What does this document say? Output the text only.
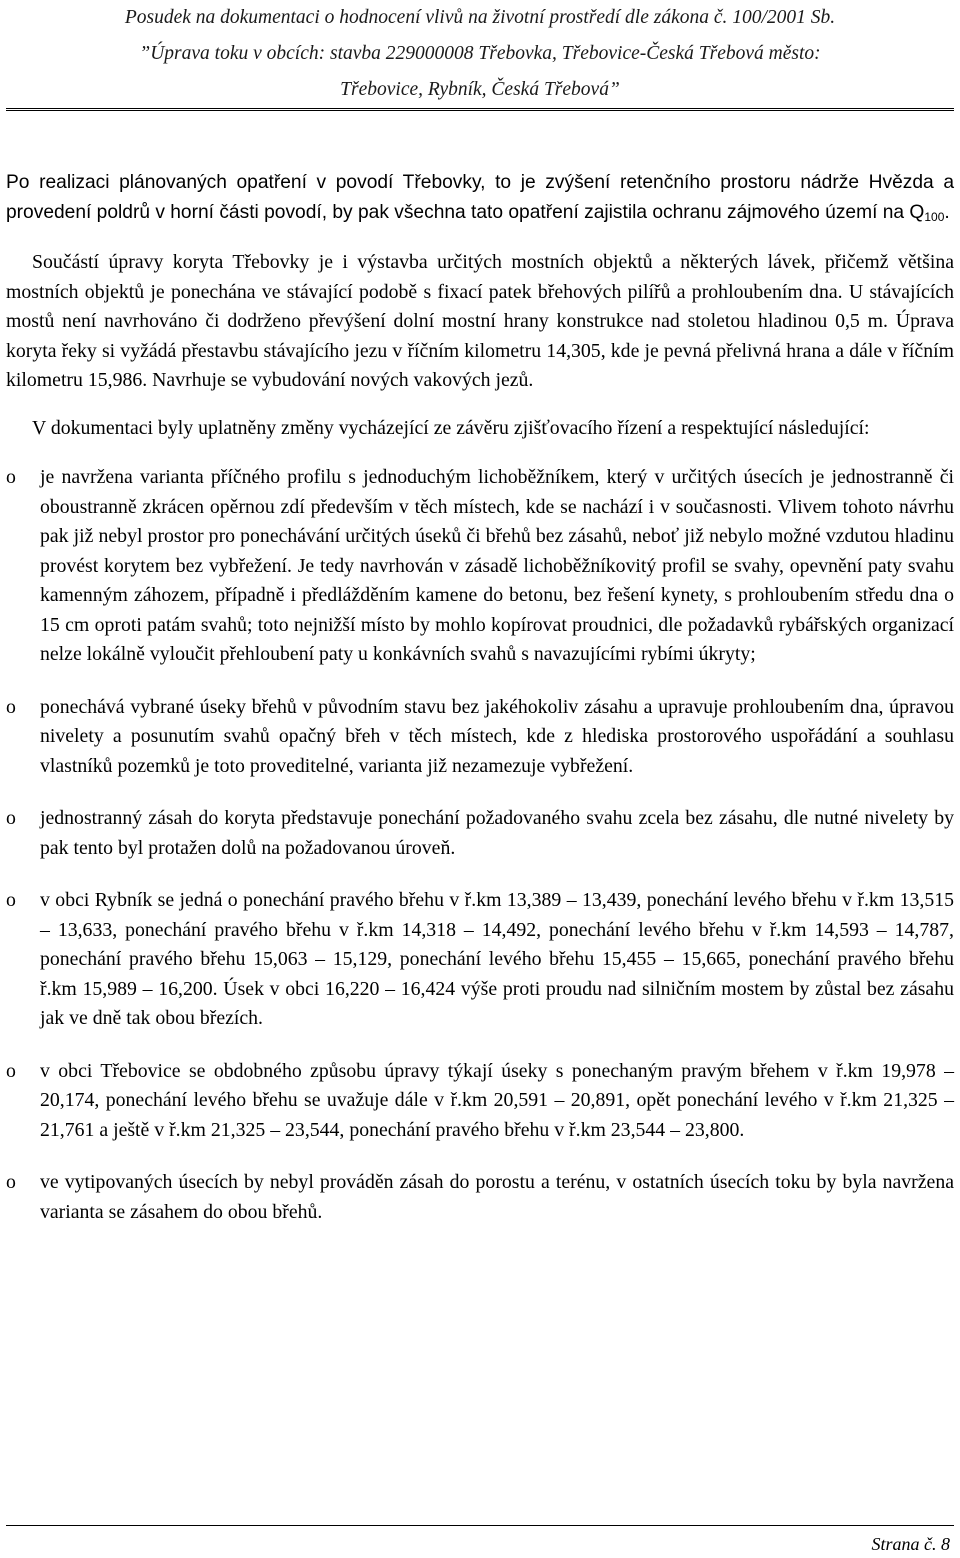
Posudek na dokumentaci o hodnocení vlivů na životní prostředí dle zákona č. 100/2001 Sb.
”Úprava toku v obcích: stavba 229000008 Třebovka, Třebovice-Česká Třebová město:
Třebovice, Rybník, Česká Třebová”

Po realizaci plánovaných opatření v povodí Třebovky, to je zvýšení retenčního prostoru nádrže Hvězda a provedení poldrů v horní části povodí, by pak všechna tato opatření zajistila ochranu zájmového území na $Q_{100}$.

Součástí úpravy koryta Třebovky je i výstavba určitých mostních objektů a některých lávek, přičemž většina mostních objektů je ponechána ve stávající podobě s fixací patek břehových pilířů a prohloubením dna. U stávajících mostů není navrhováno či dodrženo převýšení dolní mostní hrany konstrukce nad stoletou hladinou 0,5 m. Úprava koryta řeky si vyžádá přestavbu stávajícího jezu v říčním kilometru 14,305, kde je pevná přelivná hrana a dále v říčním kilometru 15,986. Navrhuje se vybudování nových vakových jezů.

V dokumentaci byly uplatněny změny vycházející ze závěru zjišťovacího řízení a respektující následující:

o je navržena varianta příčného profilu s jednoduchým lichoběžníkem, který v určitých úsecích je jednostranně či oboustranně zkrácen opěrnou zdí především v těch místech, kde se nachází i v současnosti. Vlivem tohoto návrhu pak již nebyl prostor pro ponechávání určitých úseků či břehů bez zásahů, neboť již nebylo možné vzdutou hladinu provést korytem bez vybřežení. Je tedy navrhován v zásadě lichoběžníkovitý profil se svahy, opevnění paty svahu kamenným záhozem, případně i předlážděním kamene do betonu, bez řešení kynety, s prohloubením středu dna o 15 cm oproti patám svahů; toto nejnižší místo by mohlo kopírovat proudnici, dle požadavků rybářských organizací nelze lokálně vyloučit přehloubení paty u konkávních svahů s navazujícími rybími úkryty;
o ponechává vybrané úseky břehů v původním stavu bez jakéhokoliv zásahu a upravuje prohloubením dna, úpravou nivelety a posunutím svahů opačný břeh v těch místech, kde z hlediska prostorového uspořádání a souhlasu vlastníků pozemků je toto proveditelné, varianta již nezamezuje vybřežení.
o jednostranný zásah do koryta představuje ponechání požadovaného svahu zcela bez zásahu, dle nutné nivelety by pak tento byl protažen dolů na požadovanou úroveň.
o v obci Rybník se jedná o ponechání pravého břehu v ř.km 13,389 – 13,439, ponechání levého břehu v ř.km 13,515 – 13,633, ponechání pravého břehu v ř.km 14,318 – 14,492, ponechání levého břehu v ř.km 14,593 – 14,787, ponechání pravého břehu 15,063 – 15,129, ponechání levého břehu 15,455 – 15,665, ponechání pravého břehu ř.km 15,989 – 16,200. Úsek v obci 16,220 – 16,424 výše proti proudu nad silničním mostem by zůstal bez zásahu jak ve dně tak obou březích.
o v obci Třebovice se obdobného způsobu úpravy týkají úseky s ponechaným pravým břehem v ř.km 19,978 – 20,174, ponechání levého břehu se uvažuje dále v ř.km 20,591 – 20,891, opět ponechání levého v ř.km 21,325 – 21,761 a ještě v ř.km 21,325 – 23,544, ponechání pravého břehu v ř.km 23,544 – 23,800.
o ve vytipovaných úsecích by nebyl prováděn zásah do porostu a terénu, v ostatních úsecích toku by byla navržena varianta se zásahem do obou břehů.
Strana č. 8
